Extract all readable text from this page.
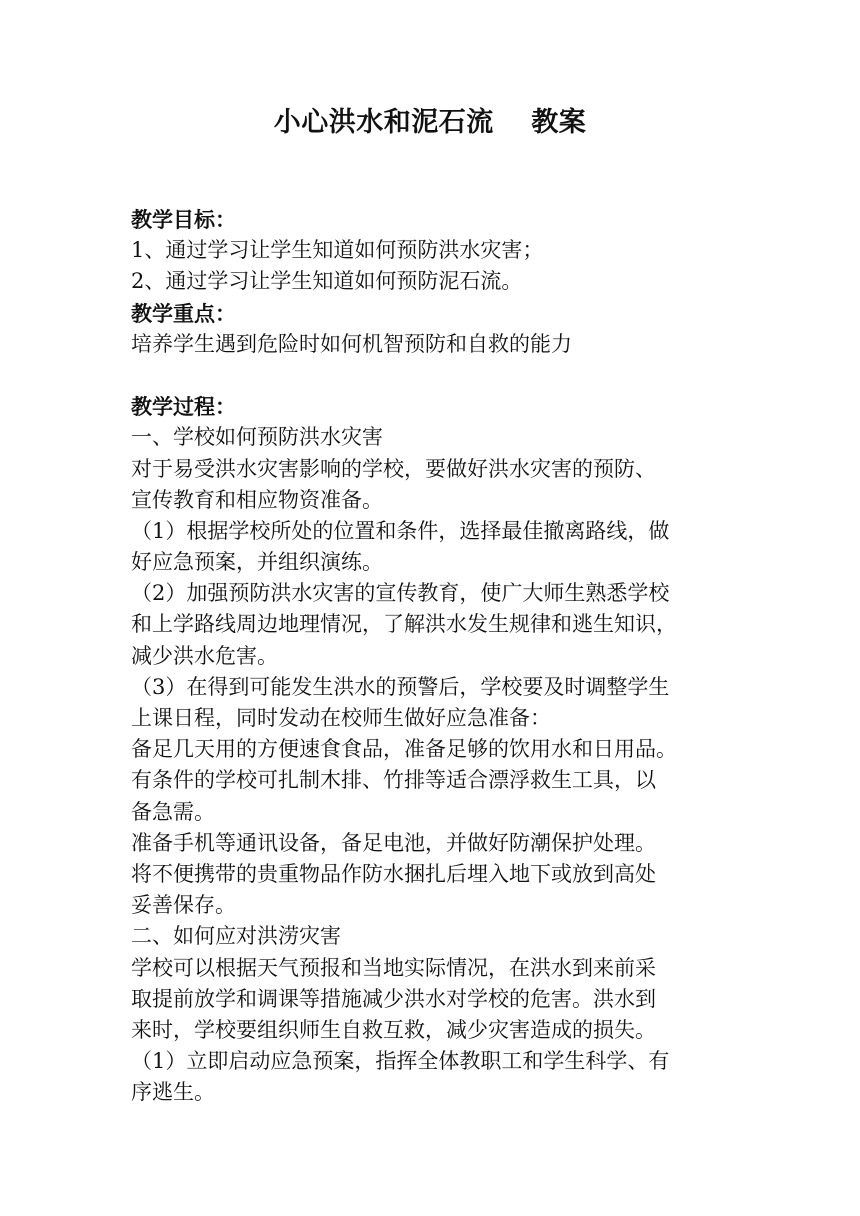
小心洪水和泥石流　 教案
教学目标：
1、通过学习让学生知道如何预防洪水灾害；
2、通过学习让学生知道如何预防泥石流。
教学重点：
培养学生遇到危险时如何机智预防和自救的能力
教学过程：
一、学校如何预防洪水灾害
对于易受洪水灾害影响的学校，要做好洪水灾害的预防、
宣传教育和相应物资准备。
（1）根据学校所处的位置和条件，选择最佳撤离路线，做
好应急预案，并组织演练。
（2）加强预防洪水灾害的宣传教育，使广大师生熟悉学校
和上学路线周边地理情况，了解洪水发生规律和逃生知识，
减少洪水危害。
（3）在得到可能发生洪水的预警后，学校要及时调整学生
上课日程，同时发动在校师生做好应急准备：
备足几天用的方便速食食品，准备足够的饮用水和日用品。
有条件的学校可扎制木排、竹排等适合漂浮救生工具，以
备急需。
准备手机等通讯设备，备足电池，并做好防潮保护处理。
将不便携带的贵重物品作防水捆扎后埋入地下或放到高处
妥善保存。
二、如何应对洪涝灾害
学校可以根据天气预报和当地实际情况，在洪水到来前采
取提前放学和调课等措施减少洪水对学校的危害。洪水到
来时，学校要组织师生自救互救，减少灾害造成的损失。
（1）立即启动应急预案，指挥全体教职工和学生科学、有
序逃生。
